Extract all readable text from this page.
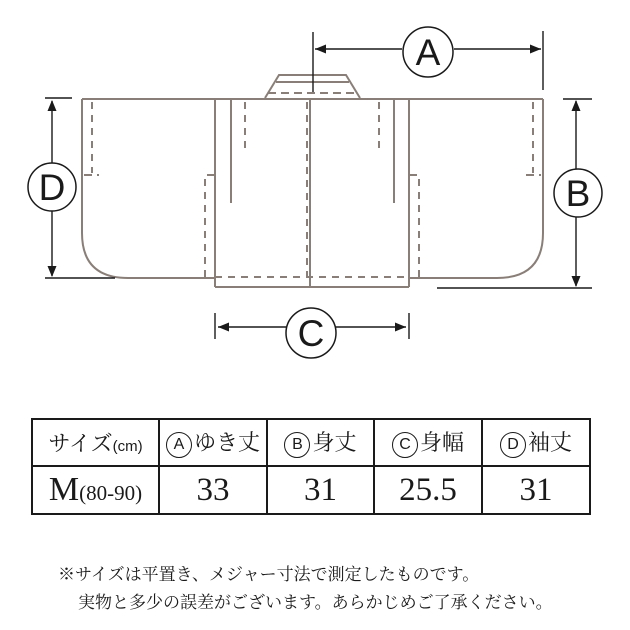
A
B
C
D
サイズ(cm)	A ゆき丈	B 身丈	C 身幅	D 袖丈
M(80-90)	33	31	25.5	31
※サイズは平置き、メジャー寸法で測定したものです。
実物と多少の誤差がございます。あらかじめご了承ください。
